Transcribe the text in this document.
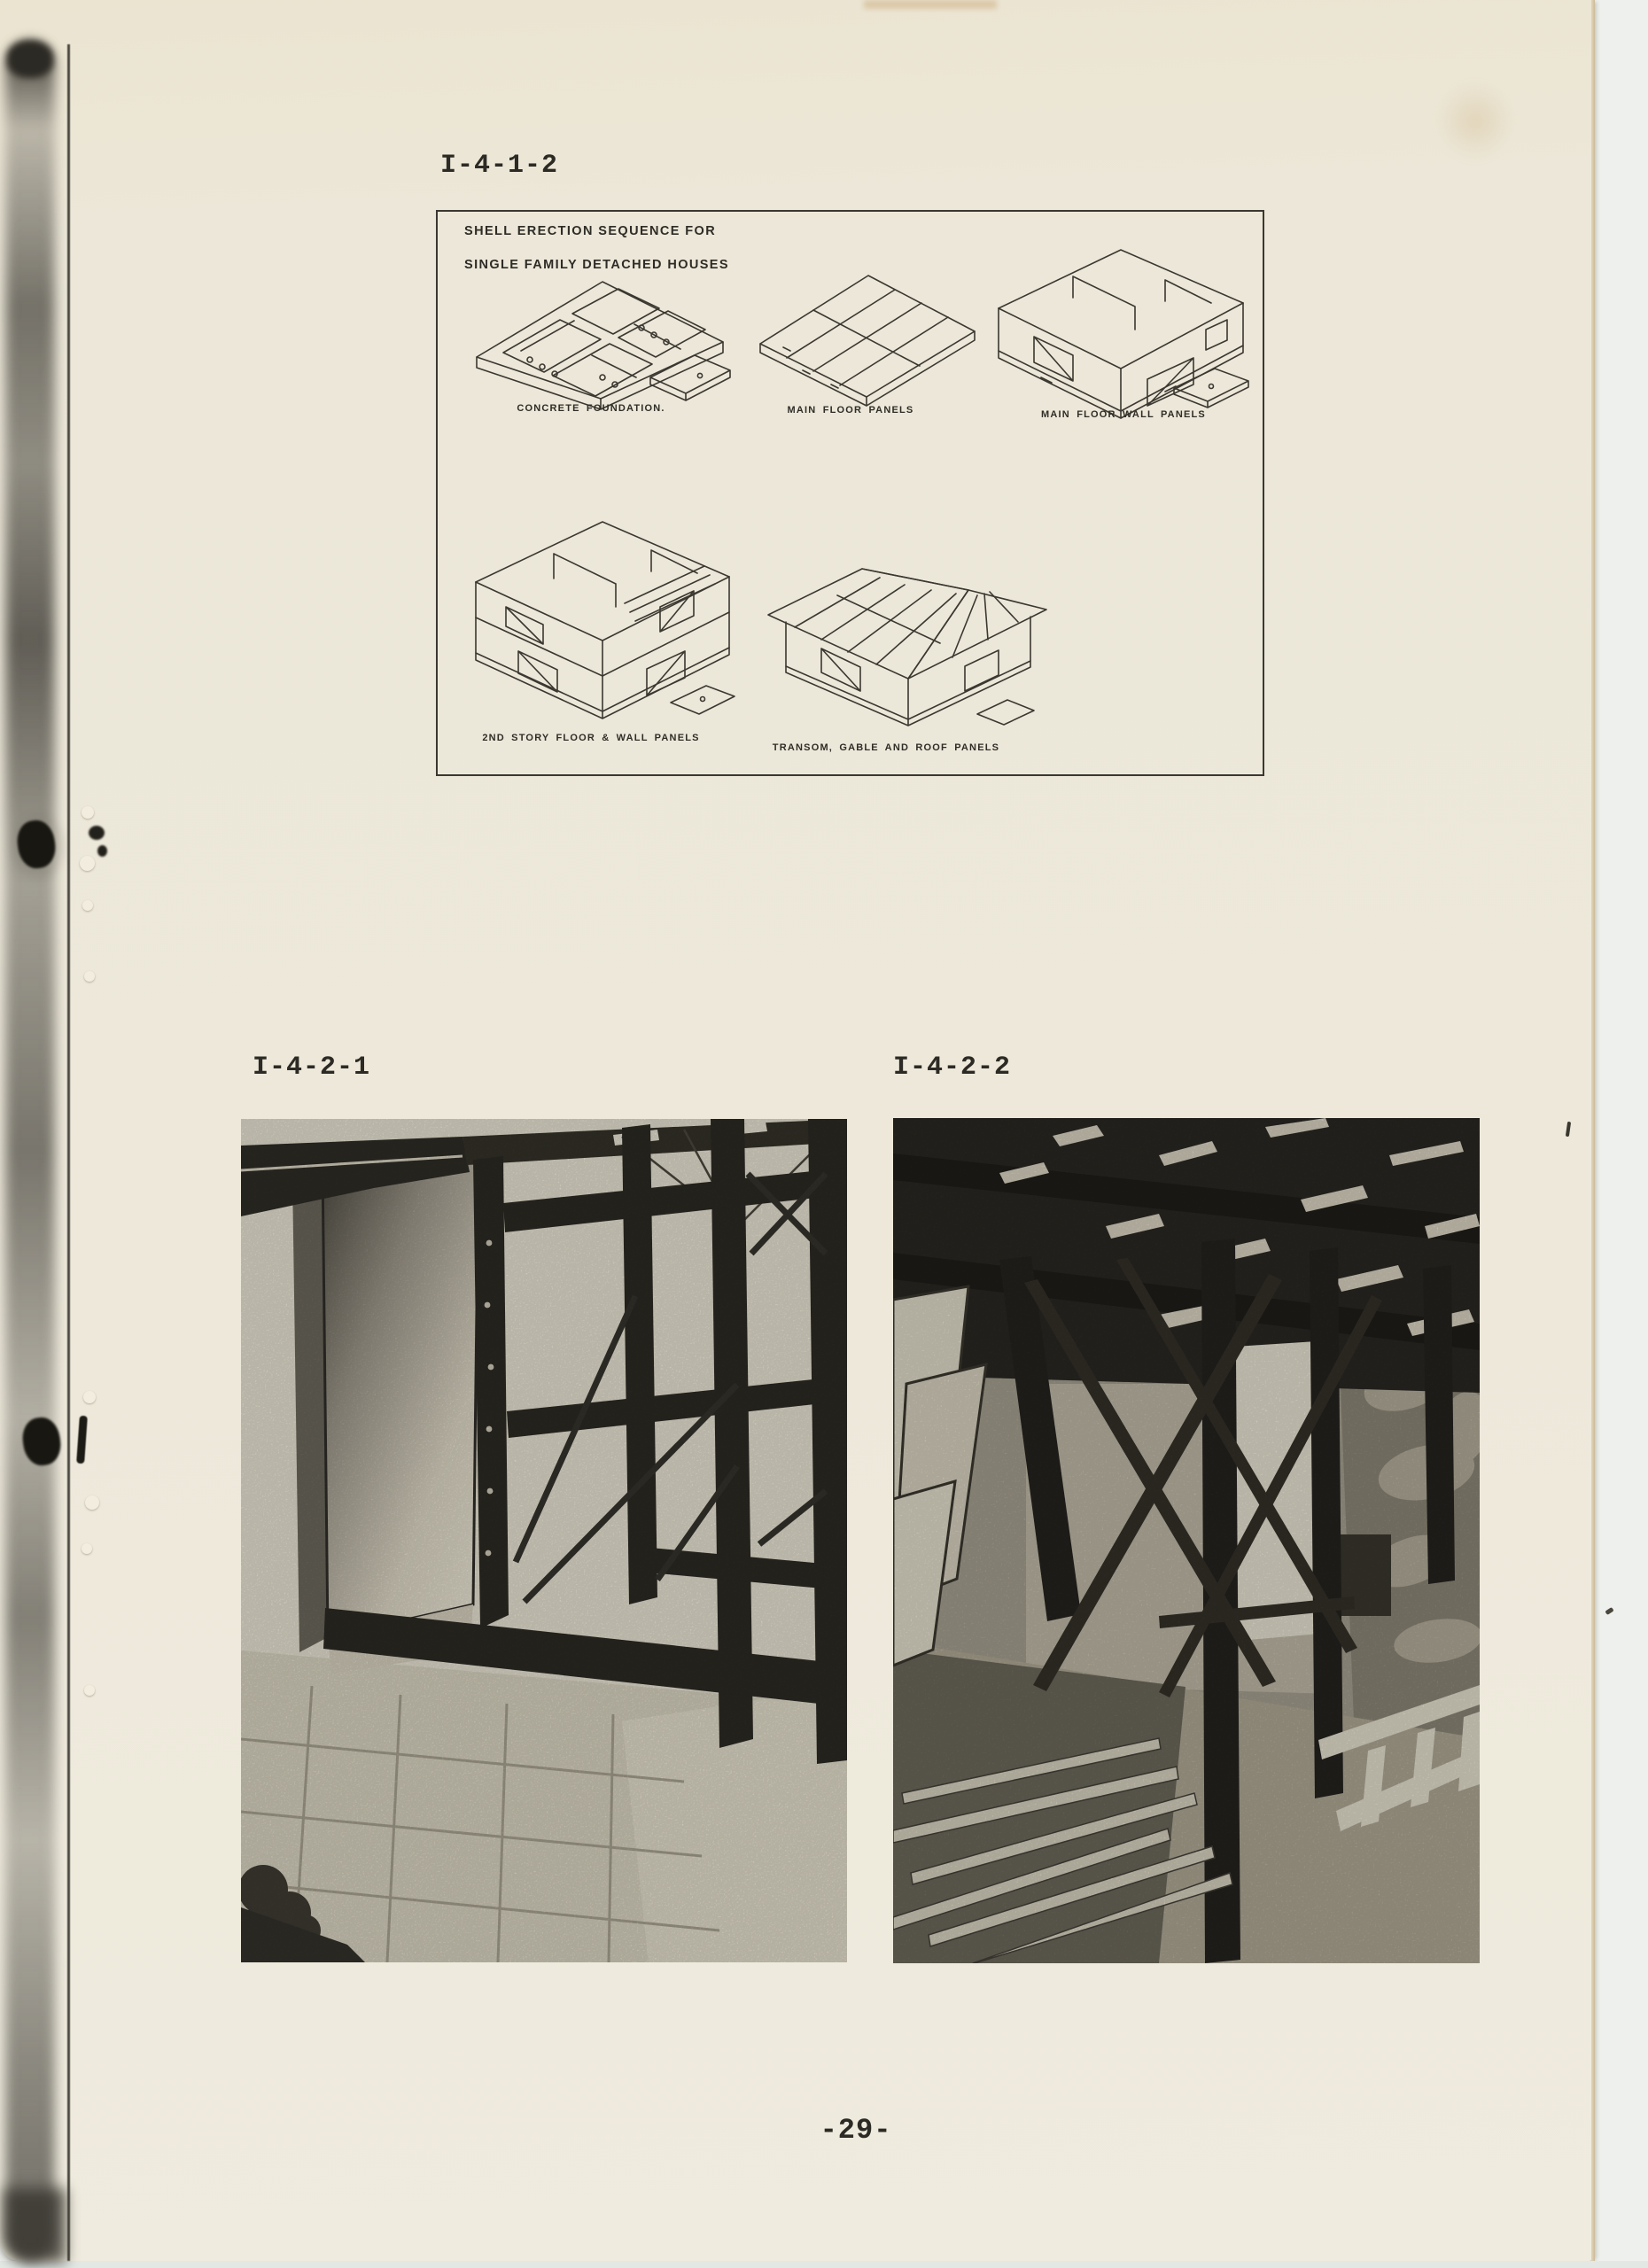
I-4-1-2
SHELL ERECTION SEQUENCE FOR

SINGLE FAMILY DETACHED HOUSES

CONCRETE FOUNDATION.	MAIN FLOOR PANELS	MAIN FLOOR WALL PANELS
2ND STORY FLOOR & WALL PANELS
TRANSOM, GABLE AND ROOF PANELS
I-4-2-1	I-4-2-2
-29-
